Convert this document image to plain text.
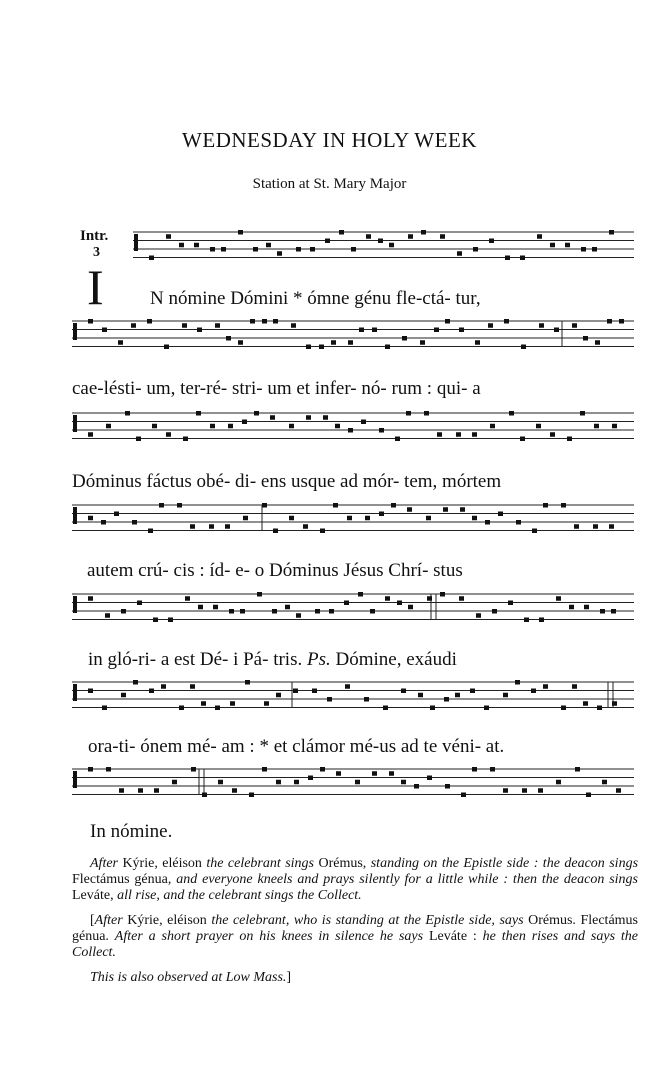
WEDNESDAY IN HOLY WEEK
Station at St. Mary Major
Intr.
3
I N nómine Dómini * ómne génu fle-ctá- tur,
cae-lésti- um, ter-ré- stri- um et infer- nó- rum : qui- a
Dóminus fáctus obé- di- ens usque ad mór- tem, mórtem
autem crú- cis : íd- e- o Dóminus Jésus Chrí- stus
in gló-ri- a est Dé- i Pá- tris. Ps. Dómine, exáudi
ora-ti- ónem mé- am : * et clámor mé-us ad te véni- at.
In nómine.

After Kýrie, eléison the celebrant sings Orémus, standing on the Epistle side : the deacon sings Flectámus génua, and everyone kneels and prays silently for a little while : then the deacon sings Leváte, all rise, and the celebrant sings the Collect.

[After Kýrie, eléison the celebrant, who is standing at the Epistle side, says Orémus. Flectámus génua. After a short prayer on his knees in silence he says Leváte : he then rises and says the Collect.

This is also observed at Low Mass.]
